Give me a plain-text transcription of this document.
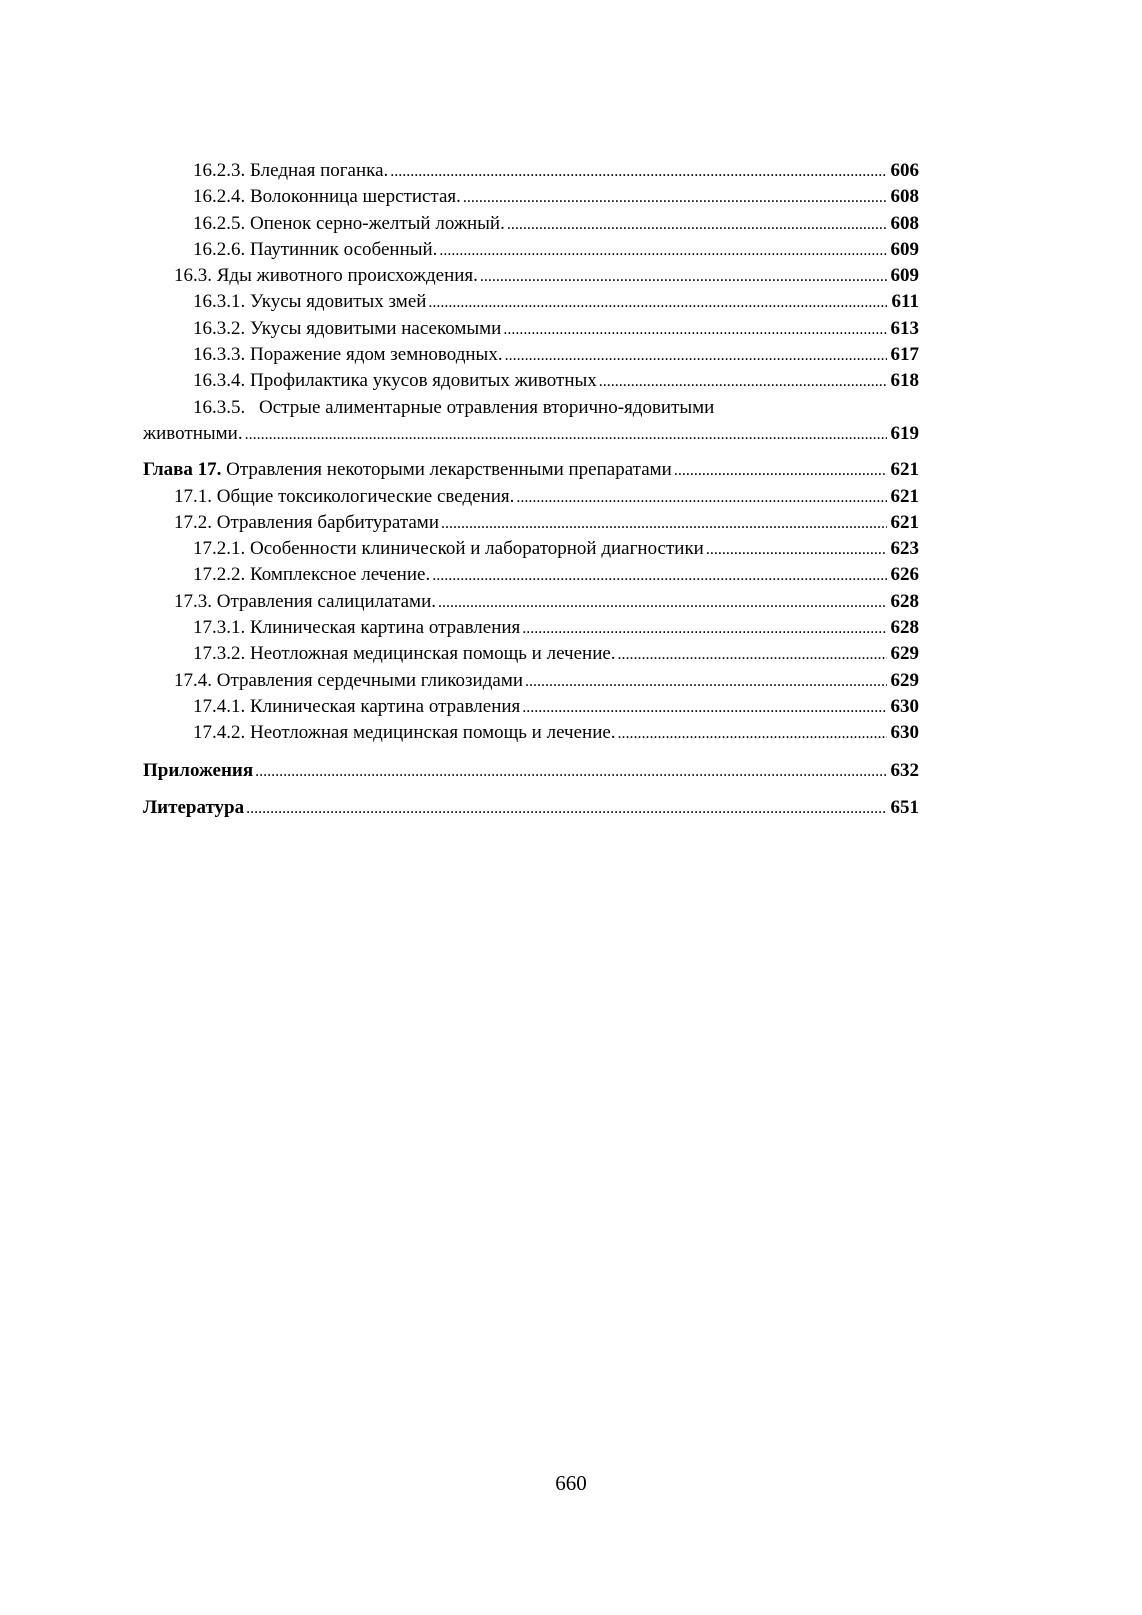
16.2.3. Бледная поганка. .....	606
16.2.4. Волоконница шерстистая. .....	608
16.2.5. Опенок серно-желтый ложный. .....	608
16.2.6. Паутинник особенный. .....	609
16.3. Яды животного происхождения. .....	609
16.3.1. Укусы ядовитых змей .....	611
16.3.2. Укусы ядовитыми насекомыми .....	613
16.3.3. Поражение ядом земноводных. .....	617
16.3.4. Профилактика укусов ядовитых животных .....	618
16.3.5. Острые алиментарные отравления вторично-ядовитыми
животными. .....	619
Глава 17. Отравления некоторыми лекарственными препаратами .....	621
17.1. Общие токсикологические сведения. .....	621
17.2. Отравления барбитуратами .....	621
17.2.1. Особенности клинической и лабораторной диагностики .....	623
17.2.2. Комплексное лечение. .....	626
17.3. Отравления салицилатами. .....	628
17.3.1. Клиническая картина отравления .....	628
17.3.2. Неотложная медицинская помощь и лечение. .....	629
17.4. Отравления сердечными гликозидами .....	629
17.4.1. Клиническая картина отравления .....	630
17.4.2. Неотложная медицинская помощь и лечение. .....	630
Приложения .....	632
Литература .....	651
660
